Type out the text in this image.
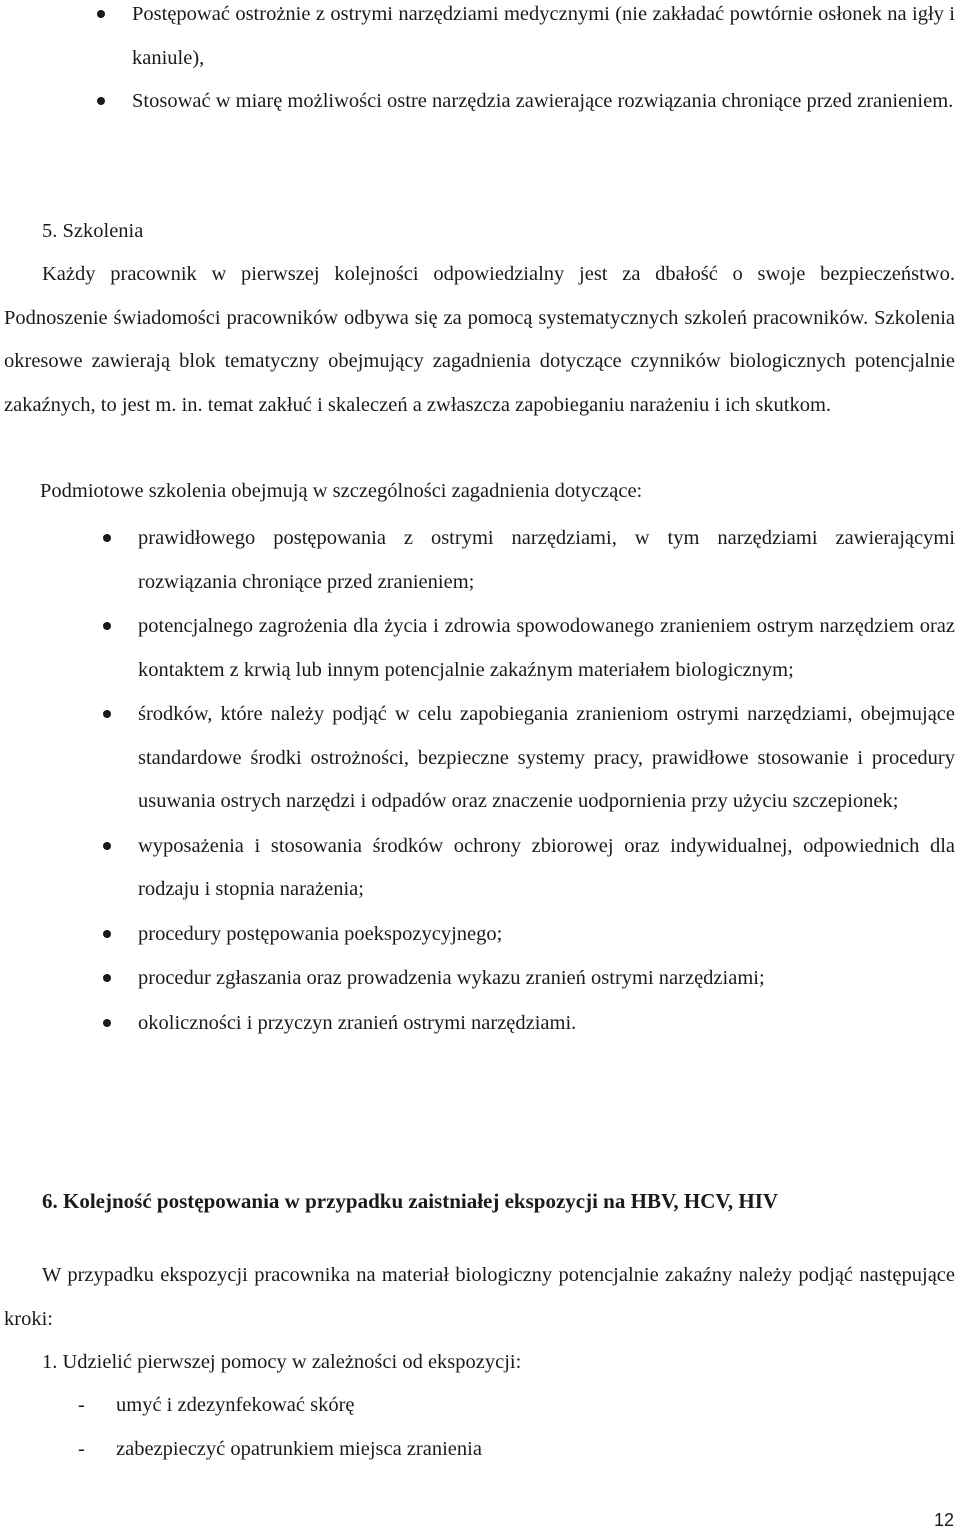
Postępować ostrożnie z ostrymi narzędziami medycznymi (nie zakładać powtórnie osłonek na igły i kaniule),
Stosować w miarę możliwości ostre narzędzia zawierające rozwiązania chroniące przed zranieniem.
5. Szkolenia

Każdy pracownik w pierwszej kolejności odpowiedzialny jest za dbałość o swoje bezpieczeństwo. Podnoszenie świadomości pracowników odbywa się za pomocą systematycznych szkoleń pracowników. Szkolenia okresowe zawierają blok tematyczny obejmujący zagadnienia dotyczące czynników biologicznych potencjalnie zakaźnych, to jest m. in. temat zakłuć i skaleczeń a zwłaszcza zapobieganiu narażeniu i ich skutkom.

Podmiotowe szkolenia obejmują w szczególności zagadnienia dotyczące:

prawidłowego postępowania z ostrymi narzędziami, w tym narzędziami zawierającymi rozwiązania chroniące przed zranieniem;
potencjalnego zagrożenia dla życia i zdrowia spowodowanego zranieniem ostrym narzędziem oraz kontaktem z krwią lub innym potencjalnie zakaźnym materiałem biologicznym;
środków, które należy podjąć w celu zapobiegania zranieniom ostrymi narzędziami, obejmujące standardowe środki ostrożności, bezpieczne systemy pracy, prawidłowe stosowanie i procedury usuwania ostrych narzędzi i odpadów oraz znaczenie uodpornienia przy użyciu szczepionek;
wyposażenia i stosowania środków ochrony zbiorowej oraz indywidualnej, odpowiednich dla rodzaju i stopnia narażenia;
procedury postępowania poekspozycyjnego;
procedur zgłaszania oraz prowadzenia wykazu zranień ostrymi narzędziami;
okoliczności i przyczyn zranień ostrymi narzędziami.
6. Kolejność postępowania w przypadku zaistniałej ekspozycji na HBV, HCV, HIV

W przypadku ekspozycji pracownika na materiał biologiczny potencjalnie zakaźny należy podjąć następujące kroki:

1. Udzielić pierwszej pomocy w zależności od ekspozycji:

- umyć i zdezynfekować skórę
- zabezpieczyć opatrunkiem miejsca zranienia
12
